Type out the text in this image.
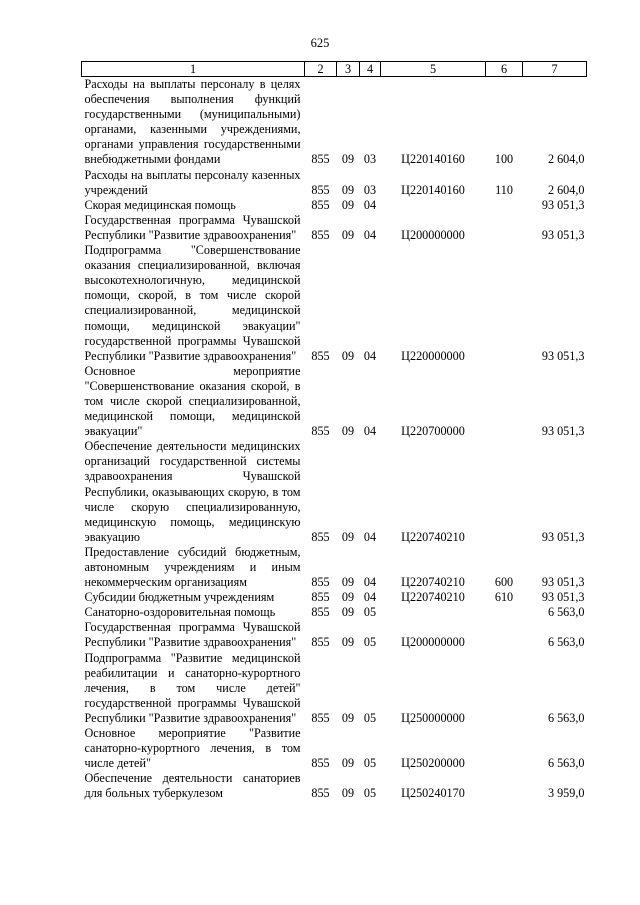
625
1	2	3	4	5	6	7
Расходы на выплаты персоналу в целях обеспечения выполнения функций государственными (муниципальными) органами, казенными учреждениями, органами управления государственными внебюджетными фондами	855	09	03	Ц220140160	100	2 604,0
Расходы на выплаты персоналу казенных учреждений	855	09	03	Ц220140160	110	2 604,0
Скорая медицинская помощь	855	09	04			93 051,3
Государственная программа Чувашской Республики "Развитие здравоохранения"	855	09	04	Ц200000000		93 051,3
Подпрограмма "Совершенствование оказания специализированной, включая высокотехнологичную, медицинской помощи, скорой, в том числе скорой специализированной, медицинской помощи, медицинской эвакуации" государственной программы Чувашской Республики "Развитие здравоохранения"	855	09	04	Ц220000000		93 051,3
Основное мероприятие "Совершенствование оказания скорой, в том числе скорой специализированной, медицинской помощи, медицинской эвакуации"	855	09	04	Ц220700000		93 051,3
Обеспечение деятельности медицинских организаций государственной системы здравоохранения Чувашской Республики, оказывающих скорую, в том числе скорую специализированную, медицинскую помощь, медицинскую эвакуацию	855	09	04	Ц220740210		93 051,3
Предоставление субсидий бюджетным, автономным учреждениям и иным некоммерческим организациям	855	09	04	Ц220740210	600	93 051,3
Субсидии бюджетным учреждениям	855	09	04	Ц220740210	610	93 051,3
Санаторно-оздоровительная помощь	855	09	05			6 563,0
Государственная программа Чувашской Республики "Развитие здравоохранения"	855	09	05	Ц200000000		6 563,0
Подпрограмма "Развитие медицинской реабилитации и санаторно-курортного лечения, в том числе детей" государственной программы Чувашской Республики "Развитие здравоохранения"	855	09	05	Ц250000000		6 563,0
Основное мероприятие "Развитие санаторно-курортного лечения, в том числе детей"	855	09	05	Ц250200000		6 563,0
Обеспечение деятельности санаториев для больных туберкулезом	855	09	05	Ц250240170		3 959,0
